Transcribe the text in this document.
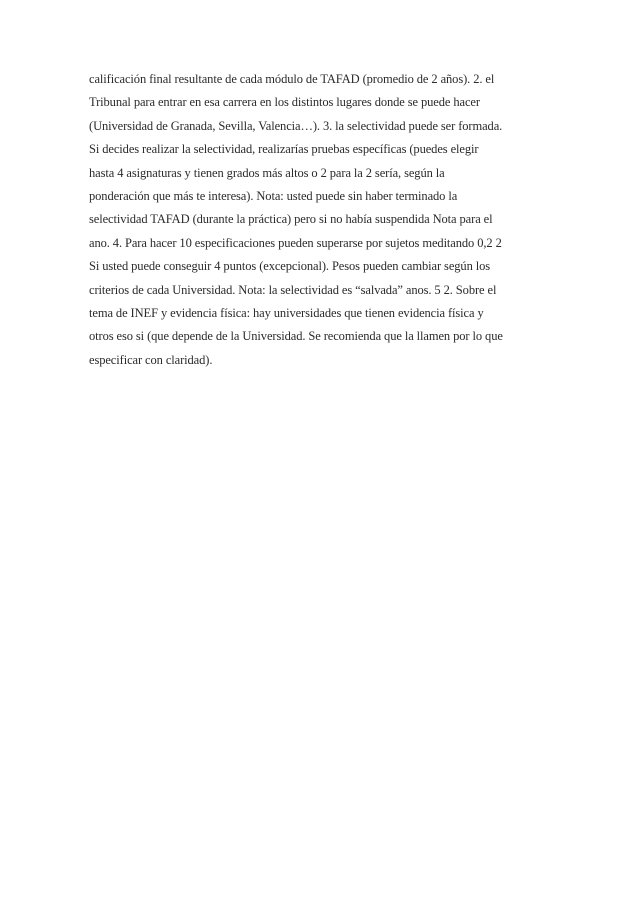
calificación final resultante de cada módulo de TAFAD (promedio de 2 años). 2. el
Tribunal para entrar en esa carrera en los distintos lugares donde se puede hacer
(Universidad de Granada, Sevilla, Valencia…). 3. la selectividad puede ser formada.
Si decides realizar la selectividad, realizarías pruebas específicas (puedes elegir
hasta 4 asignaturas y tienen grados más altos o 2 para la 2 sería, según la
ponderación que más te interesa). Nota: usted puede sin haber terminado la
selectividad TAFAD (durante la práctica) pero si no había suspendida Nota para el
ano. 4. Para hacer 10 especificaciones pueden superarse por sujetos meditando 0,2 2
Si usted puede conseguir 4 puntos (excepcional). Pesos pueden cambiar según los
criterios de cada Universidad. Nota: la selectividad es “salvada” anos. 5 2. Sobre el
tema de INEF y evidencia física: hay universidades que tienen evidencia física y
otros eso si (que depende de la Universidad. Se recomienda que la llamen por lo que
especificar con claridad).
